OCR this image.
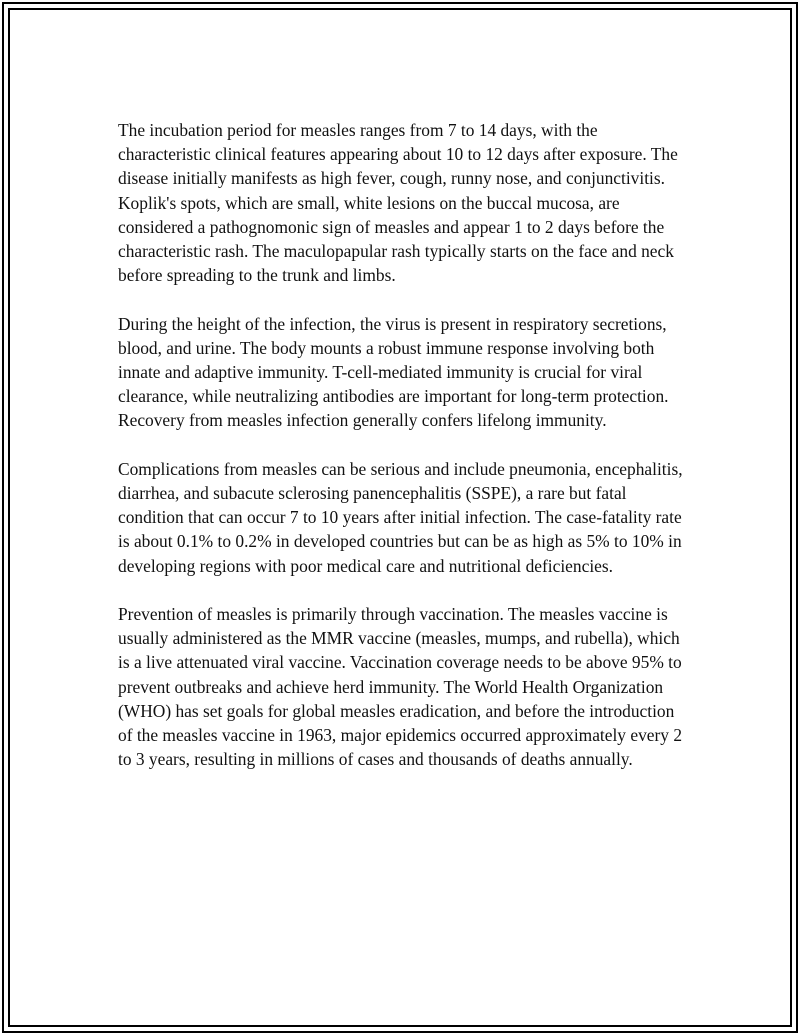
The incubation period for measles ranges from 7 to 14 days, with the characteristic clinical features appearing about 10 to 12 days after exposure. The disease initially manifests as high fever, cough, runny nose, and conjunctivitis. Koplik's spots, which are small, white lesions on the buccal mucosa, are considered a pathognomonic sign of measles and appear 1 to 2 days before the characteristic rash. The maculopapular rash typically starts on the face and neck before spreading to the trunk and limbs.

During the height of the infection, the virus is present in respiratory secretions, blood, and urine. The body mounts a robust immune response involving both innate and adaptive immunity. T-cell-mediated immunity is crucial for viral clearance, while neutralizing antibodies are important for long-term protection. Recovery from measles infection generally confers lifelong immunity.

Complications from measles can be serious and include pneumonia, encephalitis, diarrhea, and subacute sclerosing panencephalitis (SSPE), a rare but fatal condition that can occur 7 to 10 years after initial infection. The case-fatality rate is about 0.1% to 0.2% in developed countries but can be as high as 5% to 10% in developing regions with poor medical care and nutritional deficiencies.

Prevention of measles is primarily through vaccination. The measles vaccine is usually administered as the MMR vaccine (measles, mumps, and rubella), which is a live attenuated viral vaccine. Vaccination coverage needs to be above 95% to prevent outbreaks and achieve herd immunity. The World Health Organization (WHO) has set goals for global measles eradication, and before the introduction of the measles vaccine in 1963, major epidemics occurred approximately every 2 to 3 years, resulting in millions of cases and thousands of deaths annually.
